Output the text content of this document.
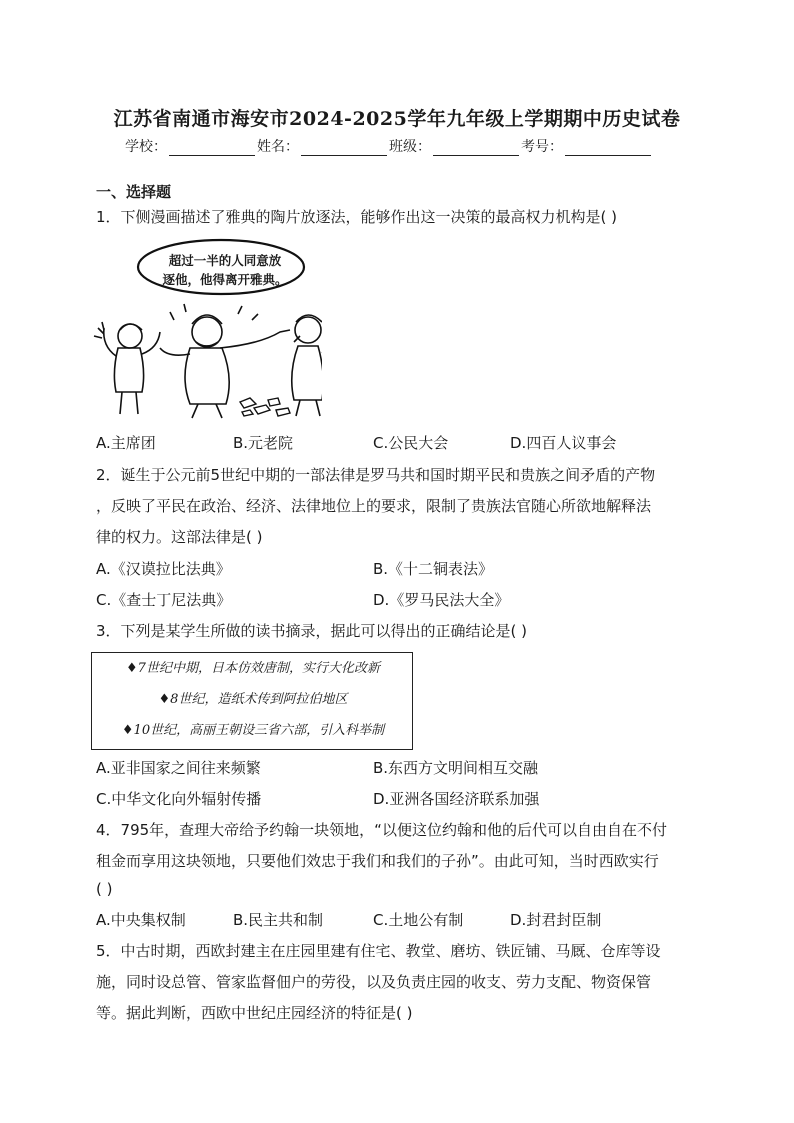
江苏省南通市海安市2024-2025学年九年级上学期期中历史试卷
学校：	姓名：	班级：	考号：
一、选择题
1．下侧漫画描述了雅典的陶片放逐法，能够作出这一决策的最高权力机构是( )
超过一半的人同意放
逐他，他得离开雅典。
A.主席团	B.元老院	C.公民大会	D.四百人议事会
2．诞生于公元前5世纪中期的一部法律是罗马共和国时期平民和贵族之间矛盾的产物
，反映了平民在政治、经济、法律地位上的要求，限制了贵族法官随心所欲地解释法
律的权力。这部法律是( )
A.《汉谟拉比法典》	B.《十二铜表法》
C.《查士丁尼法典》	D.《罗马民法大全》
3．下列是某学生所做的读书摘录，据此可以得出的正确结论是( )
♦7世纪中期，日本仿效唐制，实行大化改新
♦8世纪，造纸术传到阿拉伯地区
♦10世纪，高丽王朝设三省六部，引入科举制
A.亚非国家之间往来频繁	B.东西方文明间相互交融
C.中华文化向外辐射传播	D.亚洲各国经济联系加强
4．795年，查理大帝给予约翰一块领地，“以便这位约翰和他的后代可以自由自在不付
租金而享用这块领地，只要他们效忠于我们和我们的子孙”。由此可知，当时西欧实行
( )
A.中央集权制	B.民主共和制	C.土地公有制	D.封君封臣制
5．中古时期，西欧封建主在庄园里建有住宅、教堂、磨坊、铁匠铺、马厩、仓库等设
施，同时设总管、管家监督佃户的劳役，以及负责庄园的收支、劳力支配、物资保管
等。据此判断，西欧中世纪庄园经济的特征是( )
